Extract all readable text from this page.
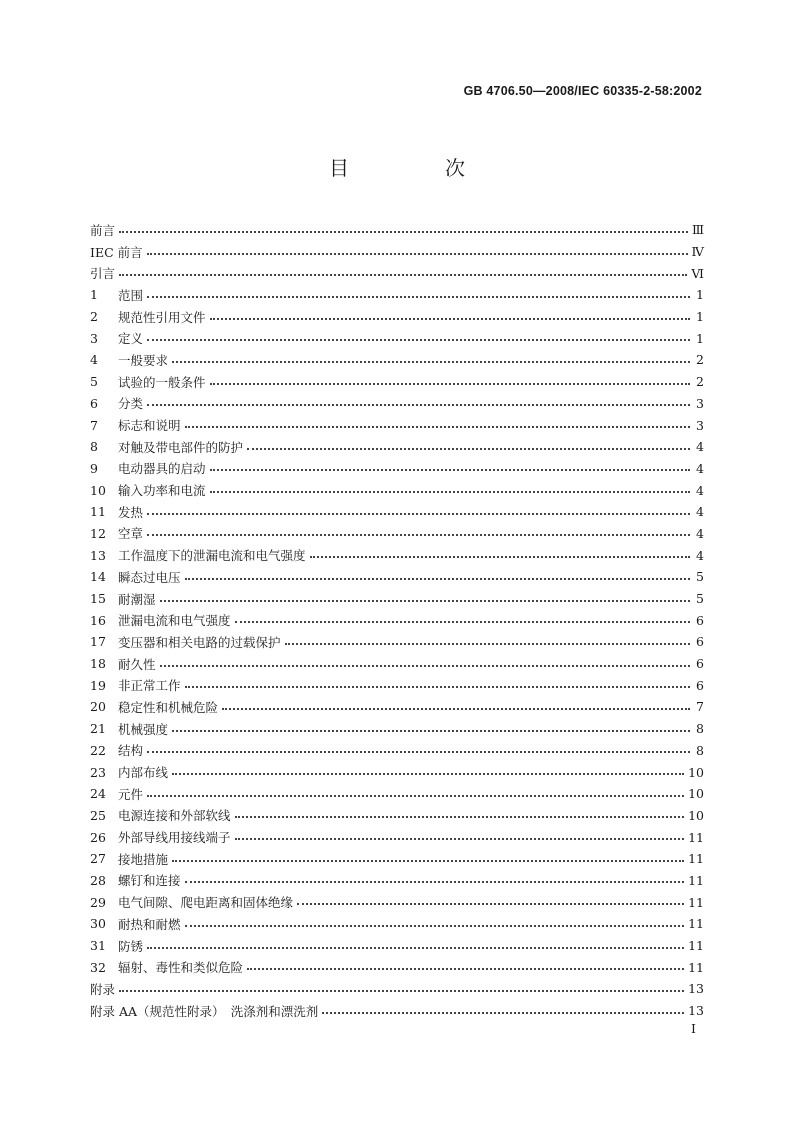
GB 4706.50—2008/IEC 60335-2-58:2002
目　次
前言	Ⅲ
IEC 前言	Ⅳ
引言	Ⅵ
1	范围	1
2	规范性引用文件	1
3	定义	1
4	一般要求	2
5	试验的一般条件	2
6	分类	3
7	标志和说明	3
8	对触及带电部件的防护	4
9	电动器具的启动	4
10 输入功率和电流	4
11 发热	4
12 空章	4
13 工作温度下的泄漏电流和电气强度	4
14 瞬态过电压	5
15 耐潮湿	5
16 泄漏电流和电气强度	6
17 变压器和相关电路的过载保护	6
18 耐久性	6
19 非正常工作	6
20 稳定性和机械危险	7
21 机械强度	8
22 结构	8
23 内部布线	10
24 元件	10
25 电源连接和外部软线	10
26 外部导线用接线端子	11
27 接地措施	11
28 螺钉和连接	11
29 电气间隙、爬电距离和固体绝缘	11
30 耐热和耐燃	11
31 防锈	11
32 辐射、毒性和类似危险	11
附录	13
附录 AA（规范性附录）　洗涤剂和漂洗剂	13
I
